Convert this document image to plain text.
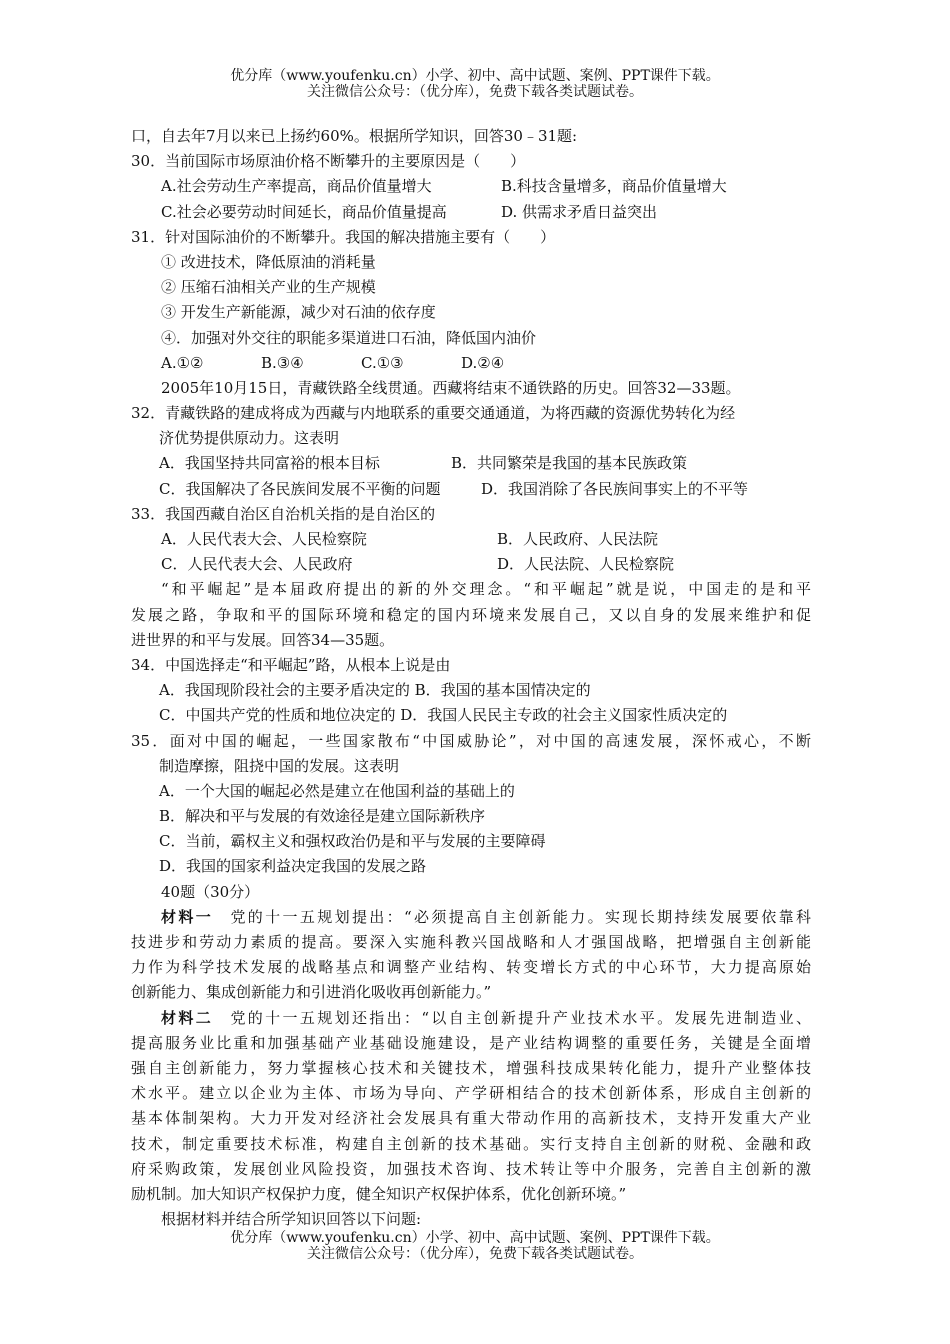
优分库（www.youfenku.cn）小学、初中、高中试题、案例、PPT课件下载。
关注微信公众号：（优分库），免费下载各类试题试卷。
口，自去年7月以来已上扬约60%。根据所学知识，回答30﹣31题:
30．当前国际市场原油价格不断攀升的主要原因是（　　）
A.社会劳动生产率提高，商品价值量增大	B.科技含量增多，商品价值量增大
C.社会必要劳动时间延长，商品价值量提高	D. 供需求矛盾日益突出
31．针对国际油价的不断攀升。我国的解决措施主要有（　　）
① 改进技术，降低原油的消耗量
② 压缩石油相关产业的生产规模
③ 开发生产新能源，减少对石油的依存度
④．加强对外交往的职能多渠道进口石油，降低国内油价
A.①②	B.③④	C.①③	D.②④
2005年10月15日，青藏铁路全线贯通。西藏将结束不通铁路的历史。回答32—33题。
32．青藏铁路的建成将成为西藏与内地联系的重要交通通道，为将西藏的资源优势转化为经
济优势提供原动力。这表明
A．我国坚持共同富裕的根本目标	B．共同繁荣是我国的基本民族政策
C．我国解决了各民族间发展不平衡的问题	D．我国消除了各民族间事实上的不平等
33．我国西藏自治区自治机关指的是自治区的
A．人民代表大会、人民检察院	B．人民政府、人民法院
C．人民代表大会、人民政府	D．人民法院、人民检察院
“和平崛起”是本届政府提出的新的外交理念。“和平崛起”就是说，中国走的是和平
发展之路，争取和平的国际环境和稳定的国内环境来发展自己，又以自身的发展来维护和促
进世界的和平与发展。回答34—35题。
34．中国选择走“和平崛起”路，从根本上说是由
A．我国现阶段社会的主要矛盾决定的 B．我国的基本国情决定的
C．中国共产党的性质和地位决定的 D．我国人民民主专政的社会主义国家性质决定的
35．面对中国的崛起，一些国家散布“中国威胁论”，对中国的高速发展，深怀戒心，不断
制造摩擦，阻挠中国的发展。这表明
A．一个大国的崛起必然是建立在他国利益的基础上的
B．解决和平与发展的有效途径是建立国际新秩序
C．当前，霸权主义和强权政治仍是和平与发展的主要障碍
D．我国的国家利益决定我国的发展之路
40题（30分）
材料一　 党的十一五规划提出：“必须提高自主创新能力。实现长期持续发展要依靠科
技进步和劳动力素质的提高。要深入实施科教兴国战略和人才强国战略，把增强自主创新能
力作为科学技术发展的战略基点和调整产业结构、转变增长方式的中心环节，大力提高原始
创新能力、集成创新能力和引进消化吸收再创新能力。”
材料二　 党的十一五规划还指出：“以自主创新提升产业技术水平。发展先进制造业、
提高服务业比重和加强基础产业基础设施建设，是产业结构调整的重要任务，关键是全面增
强自主创新能力，努力掌握核心技术和关键技术，增强科技成果转化能力，提升产业整体技
术水平。建立以企业为主体、市场为导向、产学研相结合的技术创新体系，形成自主创新的
基本体制架构。大力开发对经济社会发展具有重大带动作用的高新技术，支持开发重大产业
技术，制定重要技术标准，构建自主创新的技术基础。实行支持自主创新的财税、金融和政
府采购政策，发展创业风险投资，加强技术咨询、技术转让等中介服务，完善自主创新的激
励机制。加大知识产权保护力度，健全知识产权保护体系，优化创新环境。”
根据材料并结合所学知识回答以下问题:
优分库（www.youfenku.cn）小学、初中、高中试题、案例、PPT课件下载。
关注微信公众号：（优分库），免费下载各类试题试卷。
